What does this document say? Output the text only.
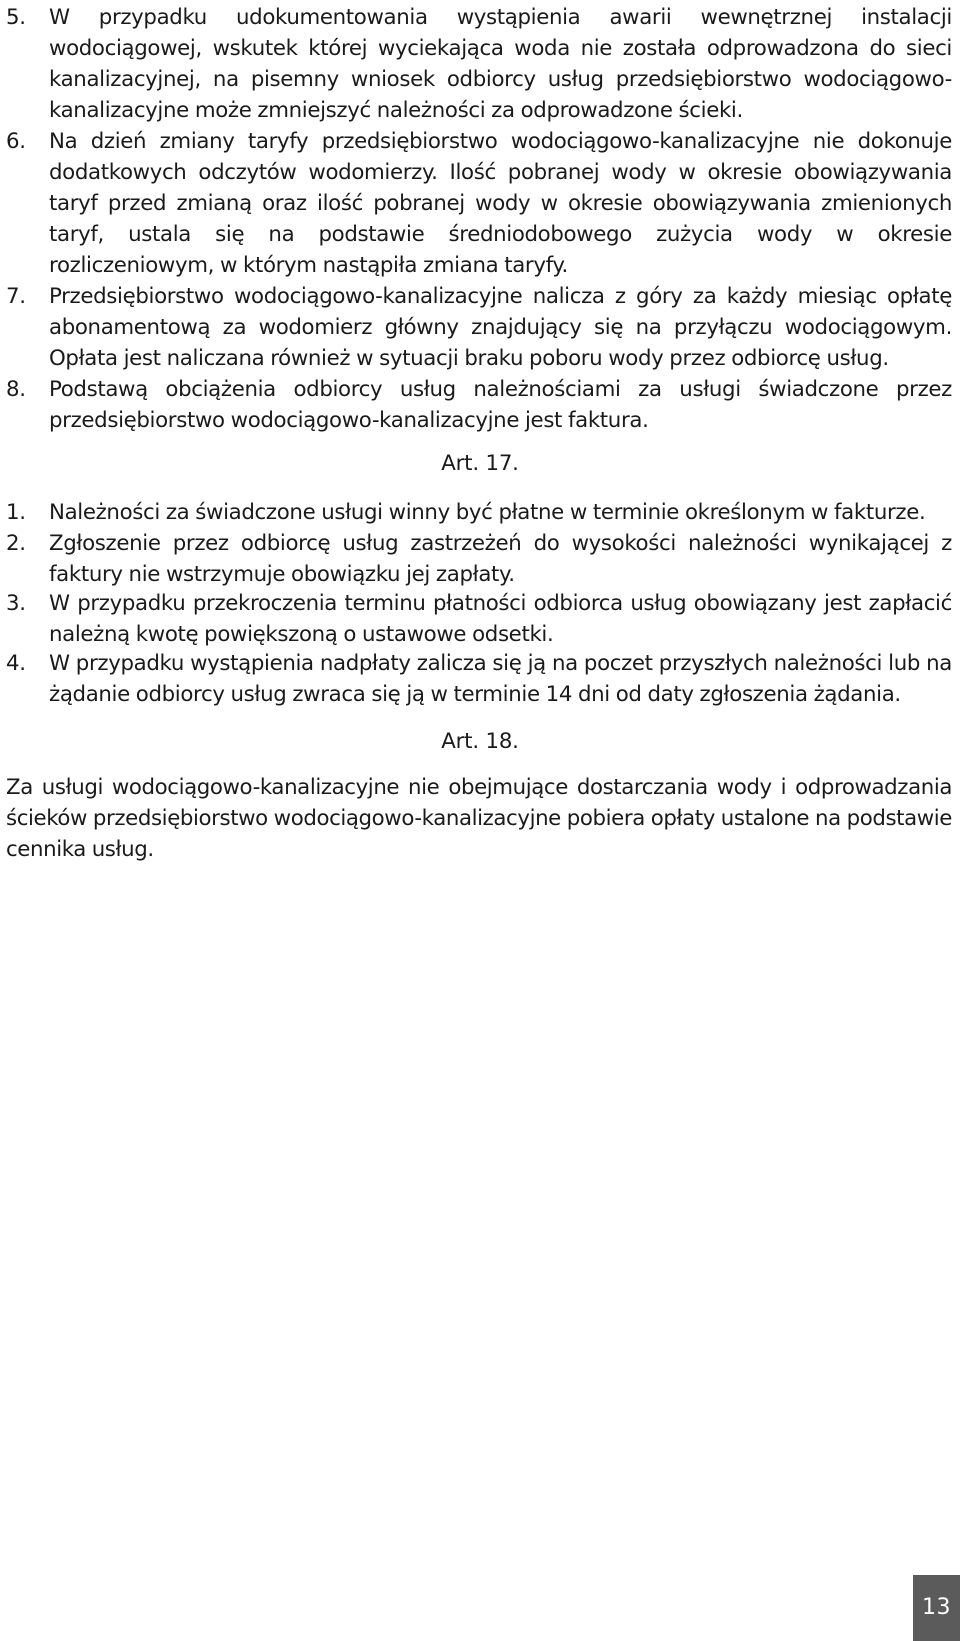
5.	W przypadku udokumentowania wystąpienia awarii wewnętrznej instalacji wodociągowej, wskutek której wyciekająca woda nie została odprowadzona do sieci kanalizacyjnej, na pisemny wniosek odbiorcy usług przedsiębiorstwo wodociągowo-kanalizacyjne może zmniejszyć należności za odprowadzone ścieki.
6.	Na dzień zmiany taryfy przedsiębiorstwo wodociągowo-kanalizacyjne nie dokonuje dodatkowych odczytów wodomierzy. Ilość pobranej wody w okresie obowiązywania taryf przed zmianą oraz ilość pobranej wody w okresie obowiązywania zmienionych taryf, ustala się na podstawie średniodobowego zużycia wody w okresie rozliczeniowym, w którym nastąpiła zmiana taryfy.
7.	Przedsiębiorstwo wodociągowo-kanalizacyjne nalicza z góry za każdy miesiąc opłatę abonamentową za wodomierz główny znajdujący się na przyłączu wodociągowym. Opłata jest naliczana również w sytuacji braku poboru wody przez odbiorcę usług.
8.	Podstawą obciążenia odbiorcy usług należnościami za usługi świadczone przez przedsiębiorstwo wodociągowo-kanalizacyjne jest faktura.
Art. 17.
1.	Należności za świadczone usługi winny być płatne w terminie określonym w fakturze.
2.	Zgłoszenie przez odbiorcę usług zastrzeżeń do wysokości należności wynikającej z faktury nie wstrzymuje obowiązku jej zapłaty.
3.	W przypadku przekroczenia terminu płatności odbiorca usług obowiązany jest zapłacić należną kwotę powiększoną o ustawowe odsetki.
4.	W przypadku wystąpienia nadpłaty zalicza się ją na poczet przyszłych należności lub na żądanie odbiorcy usług zwraca się ją w terminie 14 dni od daty zgłoszenia żądania.
Art. 18.
Za usługi wodociągowo-kanalizacyjne nie obejmujące dostarczania wody i odprowadzania ścieków przedsiębiorstwo wodociągowo-kanalizacyjne pobiera opłaty ustalone na podstawie cennika usług.
13
